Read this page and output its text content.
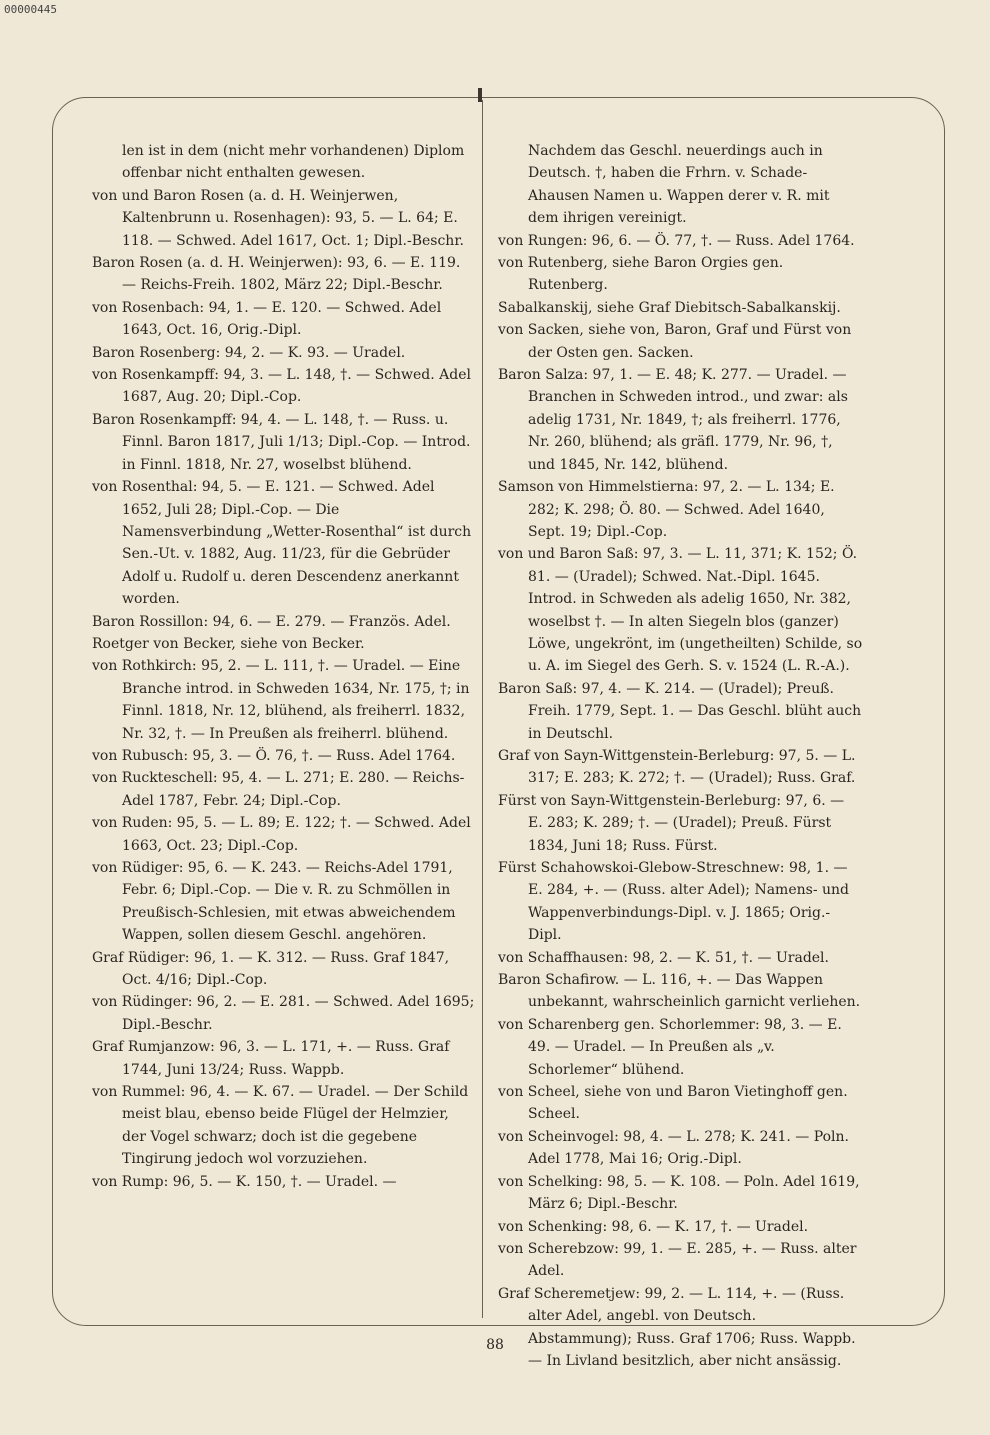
00000445
len ist in dem (nicht mehr vorhandenen) Diplom offenbar nicht enthalten gewesen.
von und Baron Rosen (a. d. H. Weinjerwen, Kaltenbrunn u. Rosenhagen): 93, 5. — L. 64; E. 118. — Schwed. Adel 1617, Oct. 1; Dipl.-Beschr.
Baron Rosen (a. d. H. Weinjerwen): 93, 6. — E. 119. — Reichs-Freih. 1802, März 22; Dipl.-Beschr.
von Rosenbach: 94, 1. — E. 120. — Schwed. Adel 1643, Oct. 16, Orig.-Dipl.
Baron Rosenberg: 94, 2. — K. 93. — Uradel.
von Rosenkampff: 94, 3. — L. 148, †. — Schwed. Adel 1687, Aug. 20; Dipl.-Cop.
Baron Rosenkampff: 94, 4. — L. 148, †. — Russ. u. Finnl. Baron 1817, Juli 1/13; Dipl.-Cop. — Introd. in Finnl. 1818, Nr. 27, woselbst blühend.
von Rosenthal: 94, 5. — E. 121. — Schwed. Adel 1652, Juli 28; Dipl.-Cop. — Die Namensverbindung „Wetter-Rosenthal“ ist durch Sen.-Ut. v. 1882, Aug. 11/23, für die Gebrüder Adolf u. Rudolf u. deren Descendenz anerkannt worden.
Baron Rossillon: 94, 6. — E. 279. — Französ. Adel.
Roetger von Becker, siehe von Becker.
von Rothkirch: 95, 2. — L. 111, †. — Uradel. — Eine Branche introd. in Schweden 1634, Nr. 175, †; in Finnl. 1818, Nr. 12, blühend, als freiherrl. 1832, Nr. 32, †. — In Preußen als freiherrl. blühend.
von Rubusch: 95, 3. — Ö. 76, †. — Russ. Adel 1764.
von Ruckteschell: 95, 4. — L. 271; E. 280. — Reichs-Adel 1787, Febr. 24; Dipl.-Cop.
von Ruden: 95, 5. — L. 89; E. 122; †. — Schwed. Adel 1663, Oct. 23; Dipl.-Cop.
von Rüdiger: 95, 6. — K. 243. — Reichs-Adel 1791, Febr. 6; Dipl.-Cop. — Die v. R. zu Schmöllen in Preußisch-Schlesien, mit etwas abweichendem Wappen, sollen diesem Geschl. angehören.
Graf Rüdiger: 96, 1. — K. 312. — Russ. Graf 1847, Oct. 4/16; Dipl.-Cop.
von Rüdinger: 96, 2. — E. 281. — Schwed. Adel 1695; Dipl.-Beschr.
Graf Rumjanzow: 96, 3. — L. 171, +. — Russ. Graf 1744, Juni 13/24; Russ. Wappb.
von Rummel: 96, 4. — K. 67. — Uradel. — Der Schild meist blau, ebenso beide Flügel der Helmzier, der Vogel schwarz; doch ist die gegebene Tingirung jedoch wol vorzuziehen.
von Rump: 96, 5. — K. 150, †. — Uradel. —
Nachdem das Geschl. neuerdings auch in Deutsch. †, haben die Frhrn. v. Schade-Ahausen Namen u. Wappen derer v. R. mit dem ihrigen vereinigt.
von Rungen: 96, 6. — Ö. 77, †. — Russ. Adel 1764.
von Rutenberg, siehe Baron Orgies gen. Rutenberg.
Sabalkanskij, siehe Graf Diebitsch-Sabalkanskij.
von Sacken, siehe von, Baron, Graf und Fürst von der Osten gen. Sacken.
Baron Salza: 97, 1. — E. 48; K. 277. — Uradel. — Branchen in Schweden introd., und zwar: als adelig 1731, Nr. 1849, †; als freiherrl. 1776, Nr. 260, blühend; als gräfl. 1779, Nr. 96, †, und 1845, Nr. 142, blühend.
Samson von Himmelstierna: 97, 2. — L. 134; E. 282; K. 298; Ö. 80. — Schwed. Adel 1640, Sept. 19; Dipl.-Cop.
von und Baron Saß: 97, 3. — L. 11, 371; K. 152; Ö. 81. — (Uradel); Schwed. Nat.-Dipl. 1645. Introd. in Schweden als adelig 1650, Nr. 382, woselbst †. — In alten Siegeln blos (ganzer) Löwe, ungekrönt, im (ungetheilten) Schilde, so u. A. im Siegel des Gerh. S. v. 1524 (L. R.-A.).
Baron Saß: 97, 4. — K. 214. — (Uradel); Preuß. Freih. 1779, Sept. 1. — Das Geschl. blüht auch in Deutschl.
Graf von Sayn-Wittgenstein-Berleburg: 97, 5. — L. 317; E. 283; K. 272; †. — (Uradel); Russ. Graf.
Fürst von Sayn-Wittgenstein-Berleburg: 97, 6. — E. 283; K. 289; †. — (Uradel); Preuß. Fürst 1834, Juni 18; Russ. Fürst.
Fürst Schahowskoi-Glebow-Streschnew: 98, 1. — E. 284, +. — (Russ. alter Adel); Namens- und Wappenverbindungs-Dipl. v. J. 1865; Orig.-Dipl.
von Schaffhausen: 98, 2. — K. 51, †. — Uradel.
Baron Schafirow. — L. 116, +. — Das Wappen unbekannt, wahrscheinlich garnicht verliehen.
von Scharenberg gen. Schorlemmer: 98, 3. — E. 49. — Uradel. — In Preußen als „v. Schorlemer“ blühend.
von Scheel, siehe von und Baron Vietinghoff gen. Scheel.
von Scheinvogel: 98, 4. — L. 278; K. 241. — Poln. Adel 1778, Mai 16; Orig.-Dipl.
von Schelking: 98, 5. — K. 108. — Poln. Adel 1619, März 6; Dipl.-Beschr.
von Schenking: 98, 6. — K. 17, †. — Uradel.
von Scherebzow: 99, 1. — E. 285, +. — Russ. alter Adel.
Graf Scheremetjew: 99, 2. — L. 114, +. — (Russ. alter Adel, angebl. von Deutsch. Abstammung); Russ. Graf 1706; Russ. Wappb. — In Livland besitzlich, aber nicht ansässig.
88
